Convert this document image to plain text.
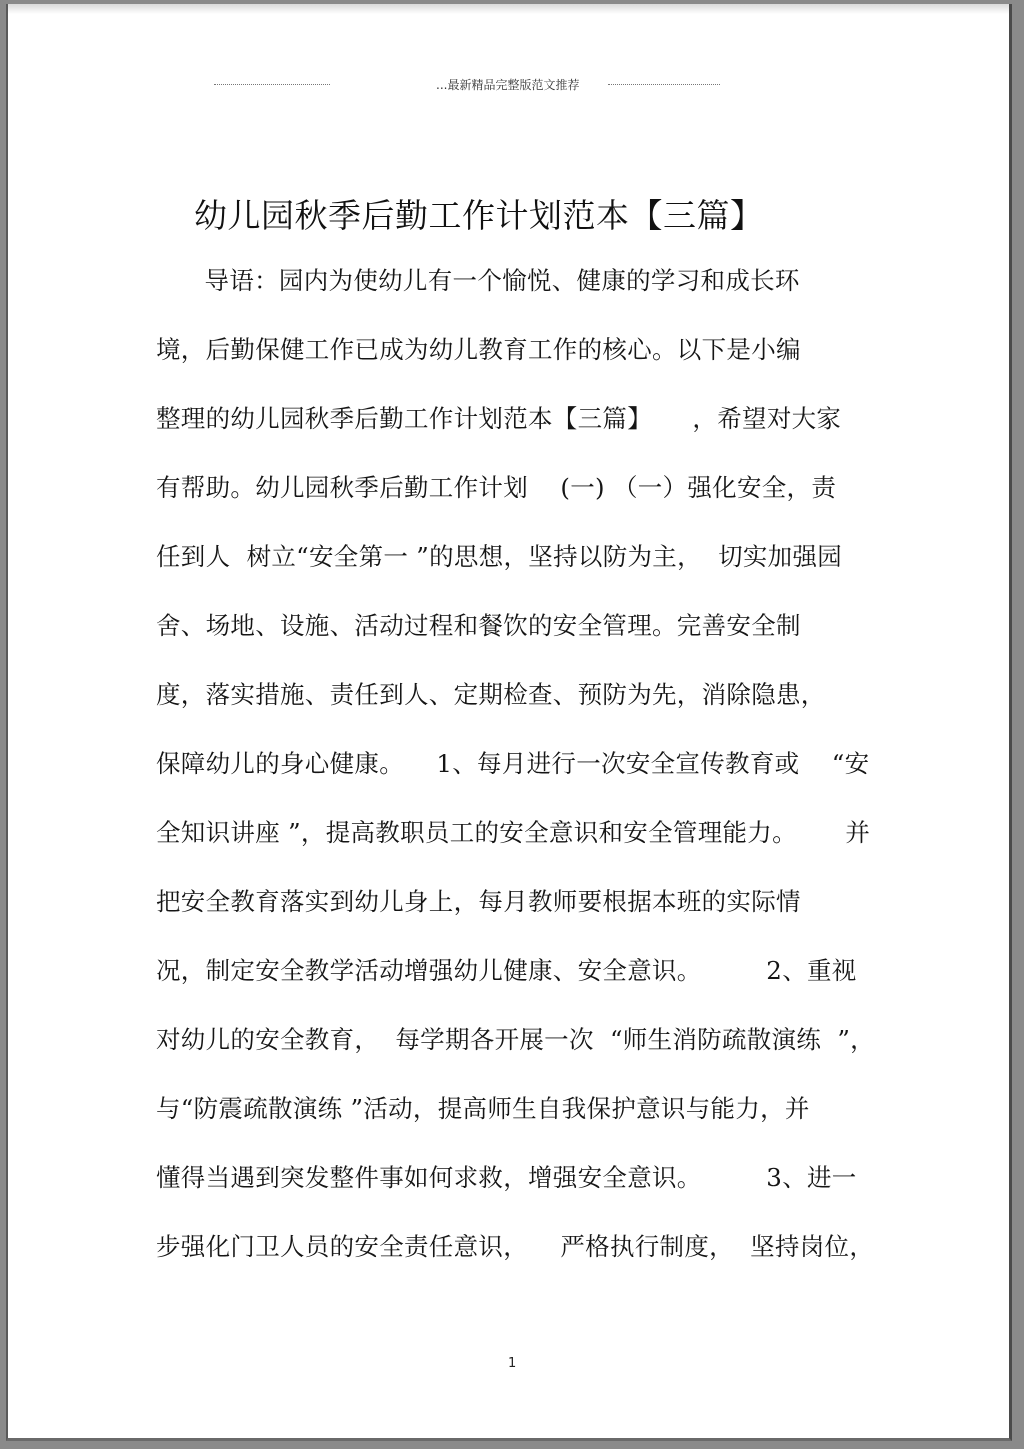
...最新精品完整版范文推荐
幼儿园秋季后勤工作计划范本【三篇】
导语：园内为使幼儿有一个愉悦、健康的学习和成长环
境，后勤保健工作已成为幼儿教育工作的核心。以下是小编
整理的幼儿园秋季后勤工作计划范本【三篇】     ，希望对大家
有帮助。幼儿园秋季后勤工作计划    (一) （一）强化安全，责
任到人  树立“安全第一 ”的思想，坚持以防为主，  切实加强园
舍、场地、设施、活动过程和餐饮的安全管理。完善安全制
度，落实措施、责任到人、定期检查、预防为先，消除隐患，
保障幼儿的身心健康。    1、每月进行一次安全宣传教育或    “安
全知识讲座 ”，提高教职员工的安全意识和安全管理能力。      并
把安全教育落实到幼儿身上，每月教师要根据本班的实际情
况，制定安全教学活动增强幼儿健康、安全意识。        2、重视
对幼儿的安全教育，  每学期各开展一次  “师生消防疏散演练  ”，
与“防震疏散演练 ”活动，提高师生自我保护意识与能力，并
懂得当遇到突发整件事如何求救，增强安全意识。        3、进一
步强化门卫人员的安全责任意识，    严格执行制度，  坚持岗位，
1
